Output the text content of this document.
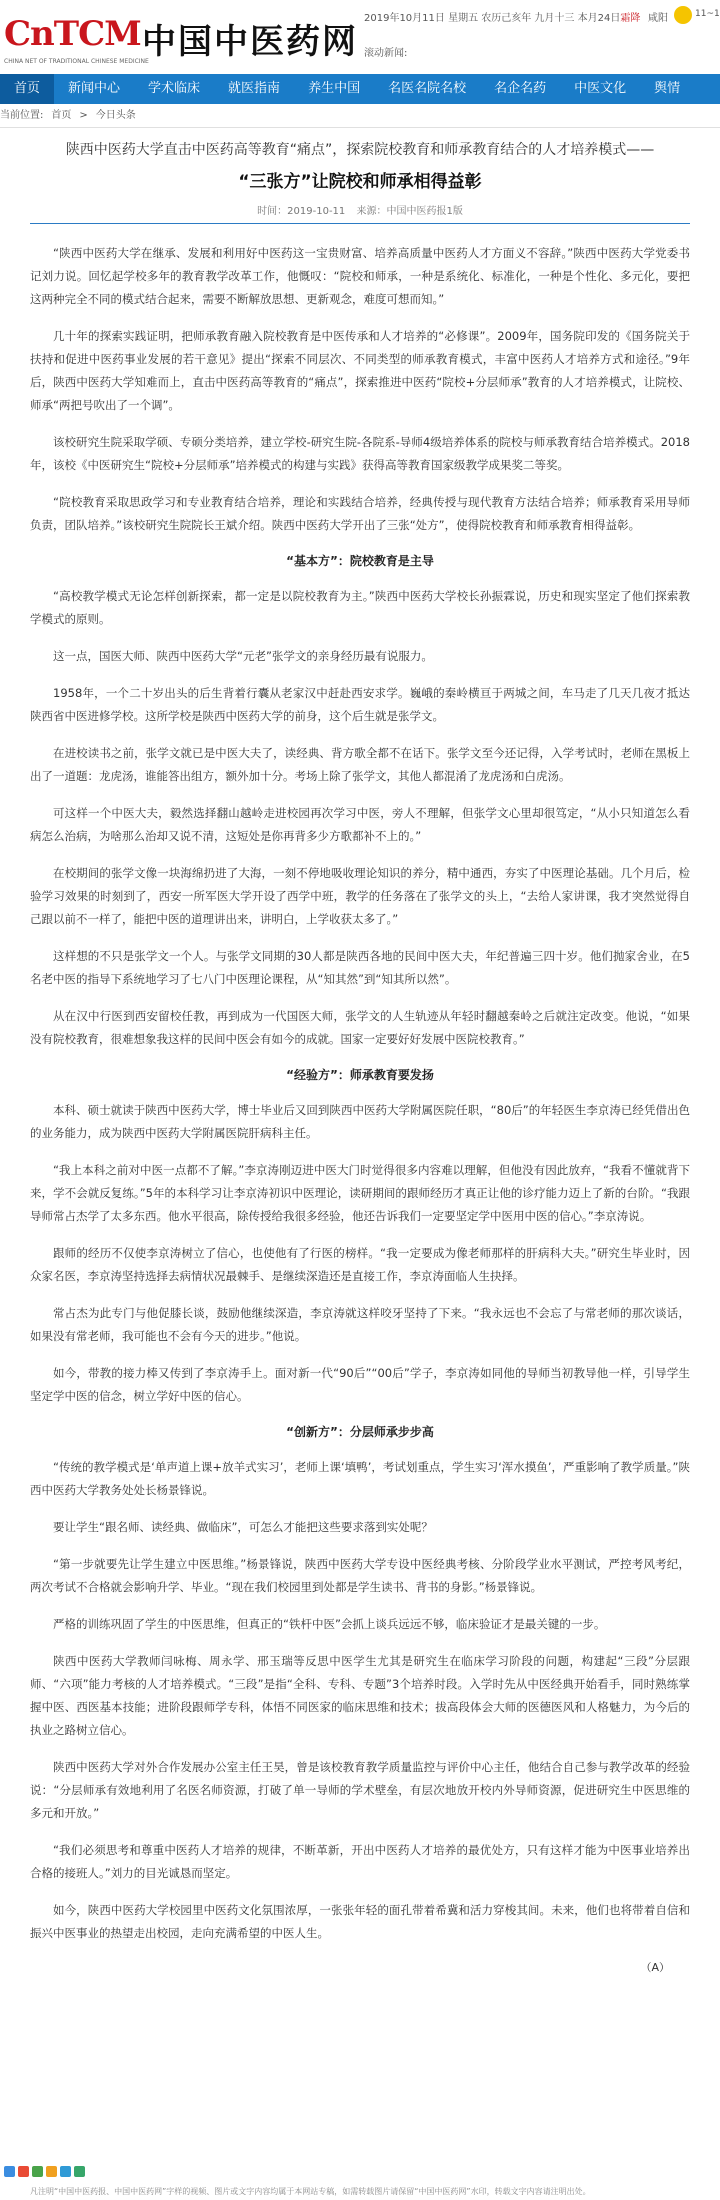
CnTCM
CHINA NET OF TRADITIONAL CHINESE MEDICINE
中国中医药网
2019年10月11日 星期五 农历己亥年 九月十三 本月24日霜降
滚动新闻:
咸阳	11~1
首页	新闻中心	学术临床	就医指南	养生中国	名医名院名校	名企名药	中医文化	舆情
当前位置: 首页 > 今日头条
陕西中医药大学直击中医药高等教育“痛点”，探索院校教育和师承教育结合的人才培养模式——
“三张方”让院校和师承相得益彰
时间：2019-10-11 来源：中国中医药报1版

“陕西中医药大学在继承、发展和利用好中医药这一宝贵财富、培养高质量中医药人才方面义不容辞。”陕西中医药大学党委书记刘力说。回忆起学校多年的教育教学改革工作，他慨叹：“院校和师承，一种是系统化、标准化，一种是个性化、多元化，要把这两种完全不同的模式结合起来，需要不断解放思想、更新观念，难度可想而知。”

几十年的探索实践证明，把师承教育融入院校教育是中医传承和人才培养的“必修课”。2009年，国务院印发的《国务院关于扶持和促进中医药事业发展的若干意见》提出“探索不同层次、不同类型的师承教育模式，丰富中医药人才培养方式和途径。”9年后，陕西中医药大学知难而上，直击中医药高等教育的“痛点”，探索推进中医药“院校+分层师承”教育的人才培养模式，让院校、师承“两把号吹出了一个调”。

该校研究生院采取学硕、专硕分类培养，建立学校-研究生院-各院系-导师4级培养体系的院校与师承教育结合培养模式。2018年，该校《中医研究生“院校+分层师承”培养模式的构建与实践》获得高等教育国家级教学成果奖二等奖。

“院校教育采取思政学习和专业教育结合培养，理论和实践结合培养，经典传授与现代教育方法结合培养；师承教育采用导师负责，团队培养。”该校研究生院院长王斌介绍。陕西中医药大学开出了三张“处方”，使得院校教育和师承教育相得益彰。

“基本方”：院校教育是主导

“高校教学模式无论怎样创新探索，都一定是以院校教育为主。”陕西中医药大学校长孙振霖说，历史和现实坚定了他们探索教学模式的原则。

这一点，国医大师、陕西中医药大学“元老”张学文的亲身经历最有说服力。

1958年，一个二十岁出头的后生背着行囊从老家汉中赶赴西安求学。巍峨的秦岭横亘于两城之间，车马走了几天几夜才抵达陕西省中医进修学校。这所学校是陕西中医药大学的前身，这个后生就是张学文。

在进校读书之前，张学文就已是中医大夫了，读经典、背方歌全都不在话下。张学文至今还记得，入学考试时，老师在黑板上出了一道题：龙虎汤，谁能答出组方，额外加十分。考场上除了张学文，其他人都混淆了龙虎汤和白虎汤。

可这样一个中医大夫，毅然选择翻山越岭走进校园再次学习中医，旁人不理解，但张学文心里却很笃定，“从小只知道怎么看病怎么治病，为啥那么治却又说不清，这短处是你再背多少方歌都补不上的。”

在校期间的张学文像一块海绵扔进了大海，一刻不停地吸收理论知识的养分，精中通西，夯实了中医理论基础。几个月后，检验学习效果的时刻到了，西安一所军医大学开设了西学中班，教学的任务落在了张学文的头上，“去给人家讲课，我才突然觉得自己跟以前不一样了，能把中医的道理讲出来，讲明白，上学收获太多了。”

这样想的不只是张学文一个人。与张学文同期的30人都是陕西各地的民间中医大夫，年纪普遍三四十岁。他们抛家舍业，在5名老中医的指导下系统地学习了七八门中医理论课程，从“知其然”到“知其所以然”。

从在汉中行医到西安留校任教，再到成为一代国医大师，张学文的人生轨迹从年轻时翻越秦岭之后就注定改变。他说，“如果没有院校教育，很难想象我这样的民间中医会有如今的成就。国家一定要好好发展中医院校教育。”

“经验方”：师承教育要发扬

本科、硕士就读于陕西中医药大学，博士毕业后又回到陕西中医药大学附属医院任职，“80后”的年轻医生李京涛已经凭借出色的业务能力，成为陕西中医药大学附属医院肝病科主任。

“我上本科之前对中医一点都不了解。”李京涛刚迈进中医大门时觉得很多内容难以理解，但他没有因此放弃，“我看不懂就背下来，学不会就反复练。”5年的本科学习让李京涛初识中医理论，读研期间的跟师经历才真正让他的诊疗能力迈上了新的台阶。“我跟导师常占杰学了太多东西。他水平很高，除传授给我很多经验，他还告诉我们一定要坚定学中医用中医的信心。”李京涛说。

跟师的经历不仅使李京涛树立了信心，也使他有了行医的榜样。“我一定要成为像老师那样的肝病科大夫。”研究生毕业时，因众家名医，李京涛坚持选择去病情状况最棘手、是继续深造还是直接工作，李京涛面临人生抉择。

常占杰为此专门与他促膝长谈，鼓励他继续深造，李京涛就这样咬牙坚持了下来。“我永远也不会忘了与常老师的那次谈话，如果没有常老师，我可能也不会有今天的进步。”他说。

如今，带教的接力棒又传到了李京涛手上。面对新一代“90后”“00后”学子，李京涛如同他的导师当初教导他一样，引导学生坚定学中医的信念，树立学好中医的信心。

“创新方”：分层师承步步高

“传统的教学模式是‘单声道上课+放羊式实习’，老师上课‘填鸭’，考试划重点，学生实习‘浑水摸鱼’，严重影响了教学质量。”陕西中医药大学教务处处长杨景锋说。

要让学生“跟名师、读经典、做临床”，可怎么才能把这些要求落到实处呢？

“第一步就要先让学生建立中医思维。”杨景锋说，陕西中医药大学专设中医经典考核、分阶段学业水平测试，严控考风考纪，两次考试不合格就会影响升学、毕业。“现在我们校园里到处都是学生读书、背书的身影。”杨景锋说。

严格的训练巩固了学生的中医思维，但真正的“铁杆中医”会抓上谈兵远远不够，临床验证才是最关键的一步。

陕西中医药大学教师闫咏梅、周永学、邢玉瑞等反思中医学生尤其是研究生在临床学习阶段的问题，构建起“三段”分层跟师、“六项”能力考核的人才培养模式。“三段”是指“全科、专科、专题”3个培养时段。入学时先从中医经典开始看手，同时熟练掌握中医、西医基本技能；进阶段跟师学专科，体悟不同医家的临床思维和技术；拔高段体会大师的医德医风和人格魅力，为今后的执业之路树立信心。

陕西中医药大学对外合作发展办公室主任王昊，曾是该校教育教学质量监控与评价中心主任，他结合自己参与教学改革的经验说：“分层师承有效地利用了名医名师资源，打破了单一导师的学术壁垒，有层次地放开校内外导师资源，促进研究生中医思维的多元和开放。”

“我们必须思考和尊重中医药人才培养的规律，不断革新，开出中医药人才培养的最优处方，只有这样才能为中医事业培养出合格的接班人。”刘力的目光诚恳而坚定。

如今，陕西中医药大学校园里中医药文化氛围浓厚，一张张年轻的面孔带着希冀和活力穿梭其间。未来，他们也将带着自信和振兴中医事业的热望走出校园，走向充满希望的中医人生。

（A）
凡注明“中国中医药报、中国中医药网”字样的视频、图片或文字内容均属于本网站专稿，如需转载图片请保留“中国中医药网”水印，转载文字内容请注明出处。
